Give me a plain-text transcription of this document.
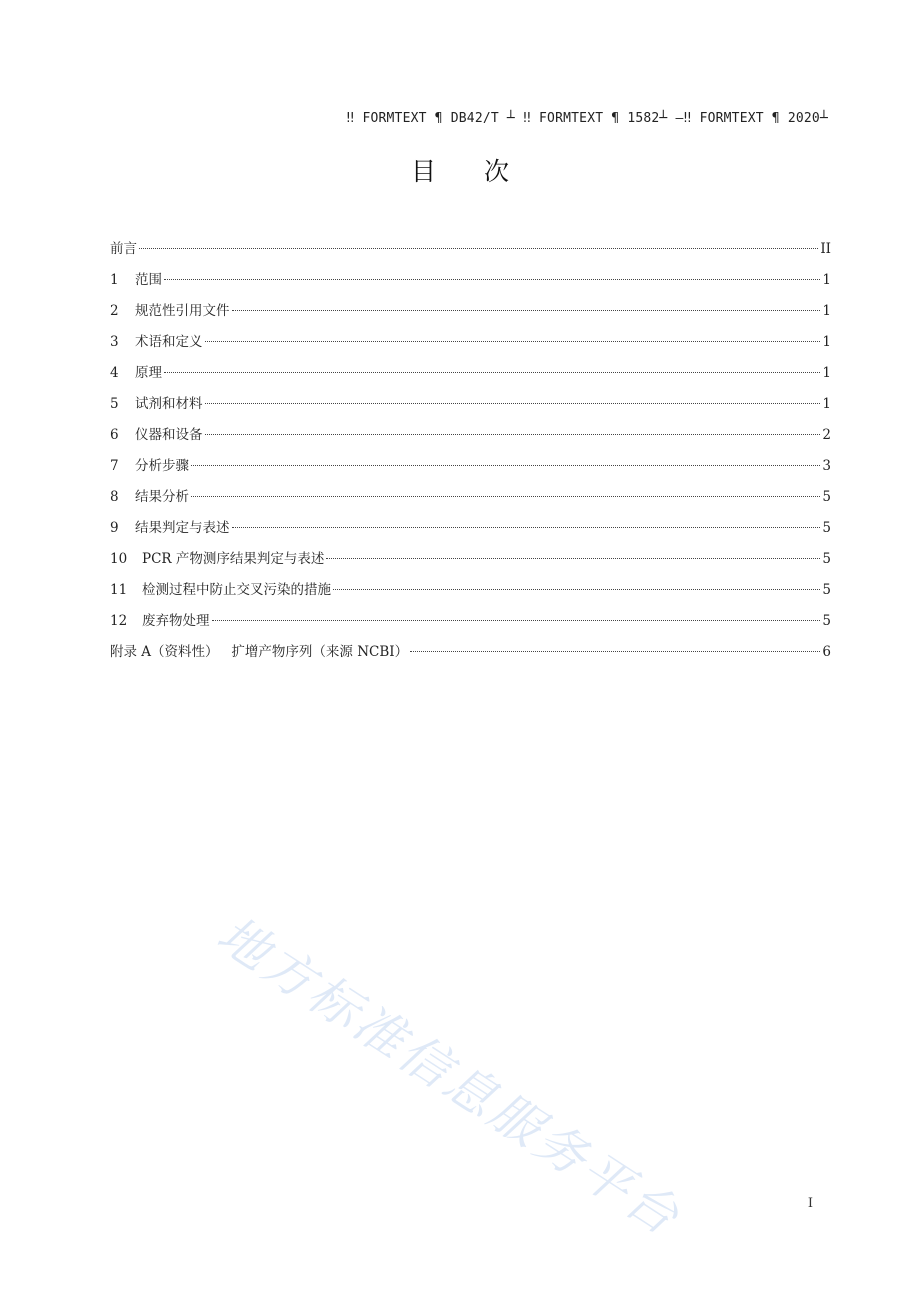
‼ FORMTEXT ¶ DB42/T ┴ ‼ FORMTEXT ¶ 1582┴ —‼ FORMTEXT ¶ 2020┴
目次
前言	II
1	范围	1
2	规范性引用文件	1
3	术语和定义	1
4	原理	1
5	试剂和材料	1
6	仪器和设备	2
7	分析步骤	3
8	结果分析	5
9	结果判定与表述	5
10	PCR 产物测序结果判定与表述	5
11	检测过程中防止交叉污染的措施	5
12	废弃物处理	5
附录 A（资料性）   扩增产物序列（来源 NCBI）	6
地方标准信息服务平台	I
